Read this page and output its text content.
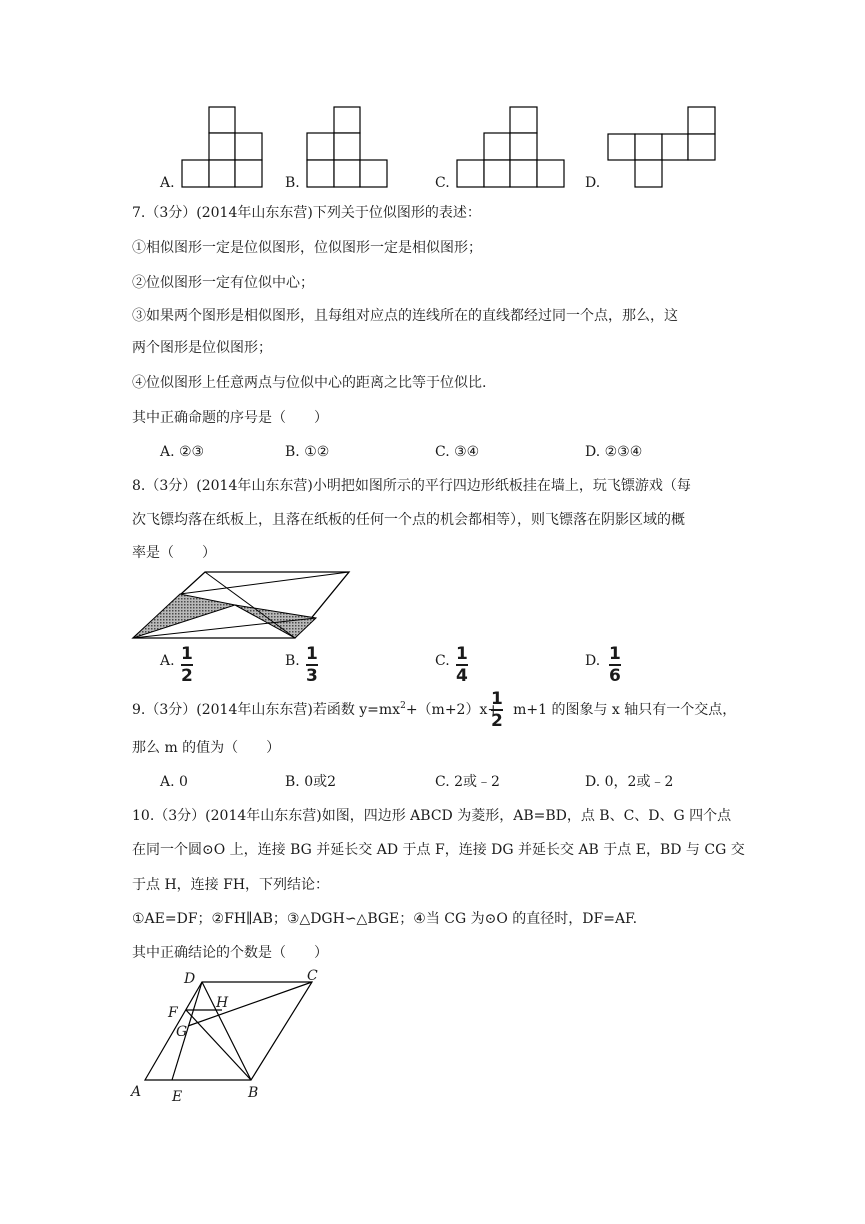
A.	B.	C.	D.
7.（3分）(2014年山东东营)下列关于位似图形的表述：
①相似图形一定是位似图形，位似图形一定是相似图形；
②位似图形一定有位似中心；
③如果两个图形是相似图形，且每组对应点的连线所在的直线都经过同一个点，那么，这
两个图形是位似图形；
④位似图形上任意两点与位似中心的距离之比等于位似比.
其中正确命题的序号是（　　）
A. ②③	B. ①②	C. ③④	D. ②③④
8.（3分）(2014年山东东营)小明把如图所示的平行四边形纸板挂在墙上，玩飞镖游戏（每
次飞镖均落在纸板上，且落在纸板的任何一个点的机会都相等），则飞镖落在阴影区域的概
率是（　　）
A. 1
2
B. 1
3
C. 1
4
D. 1
6
9.（3分）(2014年山东东营)若函数 $y=mx^2+(m+2)x+ m+1$ 的图象与 x 轴只有一个交点，
1
2
那么 m 的值为（　　）
A. 0	B. 0或2	C. 2或﹣2	D. 0，2或﹣2
10.（3分）(2014年山东东营)如图，四边形 ABCD 为菱形，AB=BD，点 B、C、D、G 四个点
在同一个圆⊙O 上，连接 BG 并延长交 AD 于点 F，连接 DG 并延长交 AB 于点 E，BD 与 CG 交
于点 H，连接 FH，下列结论：
①AE=DF；②FH∥AB；③△DGH∽△BGE；④当 CG 为⊙O 的直径时，DF=AF.
其中正确结论的个数是（　　）
A	B
C
D
E
F
G
H
